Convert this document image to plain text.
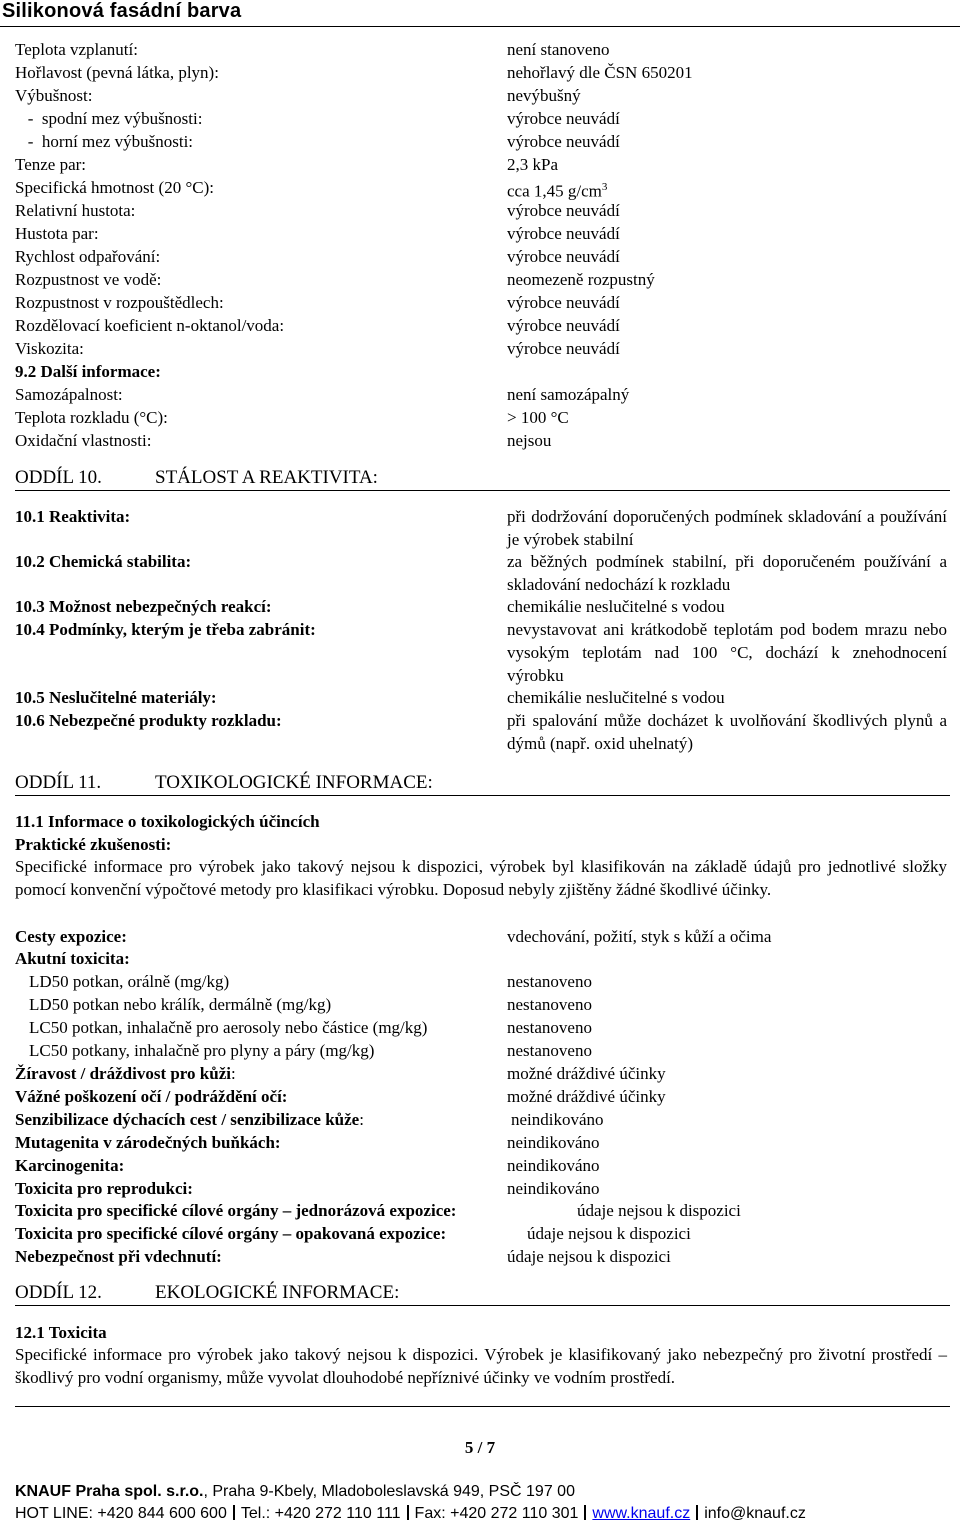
Silikonová fasádní barva
Teplota vzplanutí:	není stanoveno
Hořlavost (pevná látka, plyn):	nehořlavý dle ČSN 650201
Výbušnost:	nevýbušný
-  spodní mez výbušnosti:	výrobce neuvádí
-  horní mez výbušnosti:	výrobce neuvádí
Tenze par:	2,3 kPa
Specifická hmotnost (20 °C):	cca 1,45 $g/cm^3$
Relativní hustota:	výrobce neuvádí
Hustota par:	výrobce neuvádí
Rychlost odpařování:	výrobce neuvádí
Rozpustnost ve vodě:	neomezeně rozpustný
Rozpustnost v rozpouštědlech:	výrobce neuvádí
Rozdělovací koeficient n-oktanol/voda:	výrobce neuvádí
Viskozita:	výrobce neuvádí
9.2 Další informace:
Samozápalnost:	není samozápalný
Teplota rozkladu (°C):	> 100 °C
Oxidační vlastnosti:	nejsou
ODDÍL 10.	STÁLOST A REAKTIVITA:
10.1 Reaktivita:	při dodržování doporučených podmínek skladování a používání je výrobek stabilní
10.2 Chemická stabilita:	za běžných podmínek stabilní, při doporučeném používání a skladování nedochází k rozkladu
10.3 Možnost nebezpečných reakcí:	chemikálie neslučitelné s vodou
10.4 Podmínky, kterým je třeba zabránit:	nevystavovat ani krátkodobě teplotám pod bodem mrazu nebo vysokým teplotám nad 100 °C, dochází k znehodnocení výrobku
10.5 Neslučitelné materiály:	chemikálie neslučitelné s vodou
10.6 Nebezpečné produkty rozkladu:	při spalování může docházet k uvolňování škodlivých plynů a dýmů (např. oxid uhelnatý)
ODDÍL 11.	TOXIKOLOGICKÉ INFORMACE:
11.1 Informace o toxikologických účincích
Praktické zkušenosti:
Specifické informace pro výrobek jako takový nejsou k dispozici, výrobek byl klasifikován na základě údajů pro jednotlivé složky pomocí konvenční výpočtové metody pro klasifikaci výrobku. Doposud nebyly zjištěny žádné škodlivé účinky.
Cesty expozice:	vdechování, požití, styk s kůží a očima
Akutní toxicita:
LD50 potkan, orálně (mg/kg)	nestanoveno
LD50 potkan nebo králík, dermálně (mg/kg)	nestanoveno
LC50 potkan, inhalačně pro aerosoly nebo částice (mg/kg)	nestanoveno
LC50 potkany, inhalačně pro plyny a páry (mg/kg)	nestanoveno
Žíravost / dráždivost pro kůži:	možné dráždivé účinky
Vážné poškození očí / podráždění očí:	možné dráždivé účinky
Senzibilizace dýchacích cest / senzibilizace kůže:	neindikováno
Mutagenita v zárodečných buňkách:	neindikováno
Karcinogenita:	neindikováno
Toxicita pro reprodukci:	neindikováno
Toxicita pro specifické cílové orgány – jednorázová expozice:	údaje nejsou k dispozici
Toxicita pro specifické cílové orgány – opakovaná expozice:	údaje nejsou k dispozici
Nebezpečnost při vdechnutí:	údaje nejsou k dispozici
ODDÍL 12.	EKOLOGICKÉ INFORMACE:
12.1 Toxicita
Specifické informace pro výrobek jako takový nejsou k dispozici. Výrobek je klasifikovaný jako nebezpečný pro životní prostředí – škodlivý pro vodní organismy, může vyvolat dlouhodobé nepříznivé účinky ve vodním prostředí.
5 / 7
KNAUF Praha spol. s.r.o., Praha 9-Kbely, Mladoboleslavská 949, PSČ 197 00
HOT LINE: +420 844 600 600 Tel.: +420 272 110 111 Fax: +420 272 110 301 www.knauf.cz info@knauf.cz
